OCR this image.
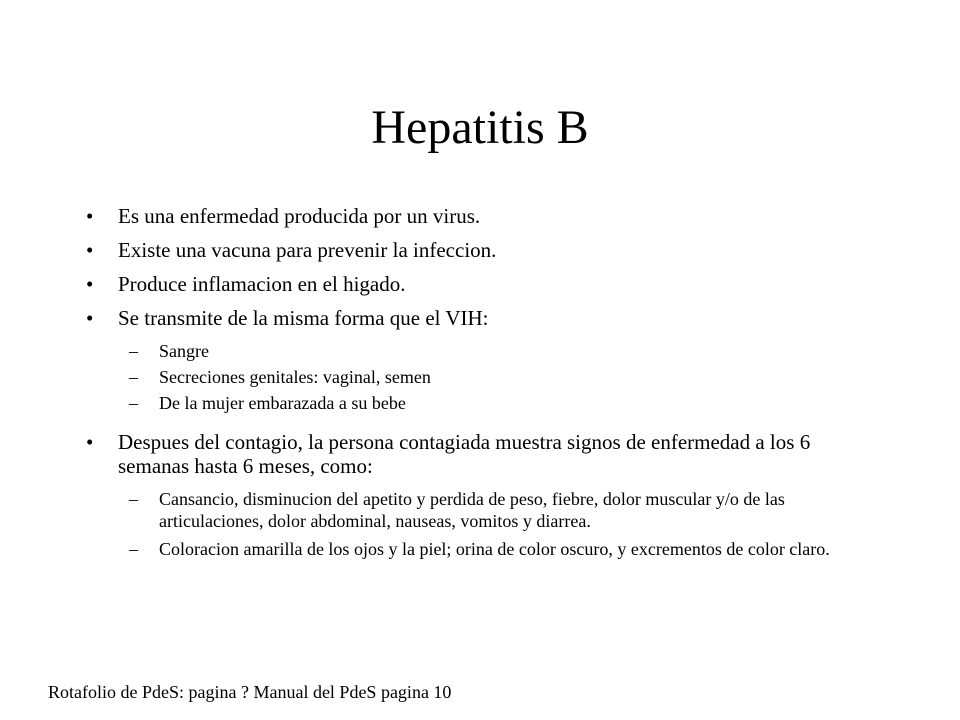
Hepatitis B
• Es una enfermedad producida por un virus.
• Existe una vacuna para prevenir la infeccion.
• Produce inflamacion en el higado.
• Se transmite de la misma forma que el VIH:
– Sangre
– Secreciones genitales: vaginal, semen
– De la mujer embarazada a su bebe
• Despues del contagio, la persona contagiada muestra signos de enfermedad a los 6 semanas hasta 6 meses, como:
– Cansancio, disminucion del apetito y perdida de peso, fiebre, dolor muscular y/o de las articulaciones, dolor abdominal, nauseas, vomitos y diarrea.
– Coloracion amarilla de los ojos y la piel; orina de color oscuro, y excrementos de color claro.
Rotafolio de PdeS: pagina ? Manual del PdeS pagina 10
